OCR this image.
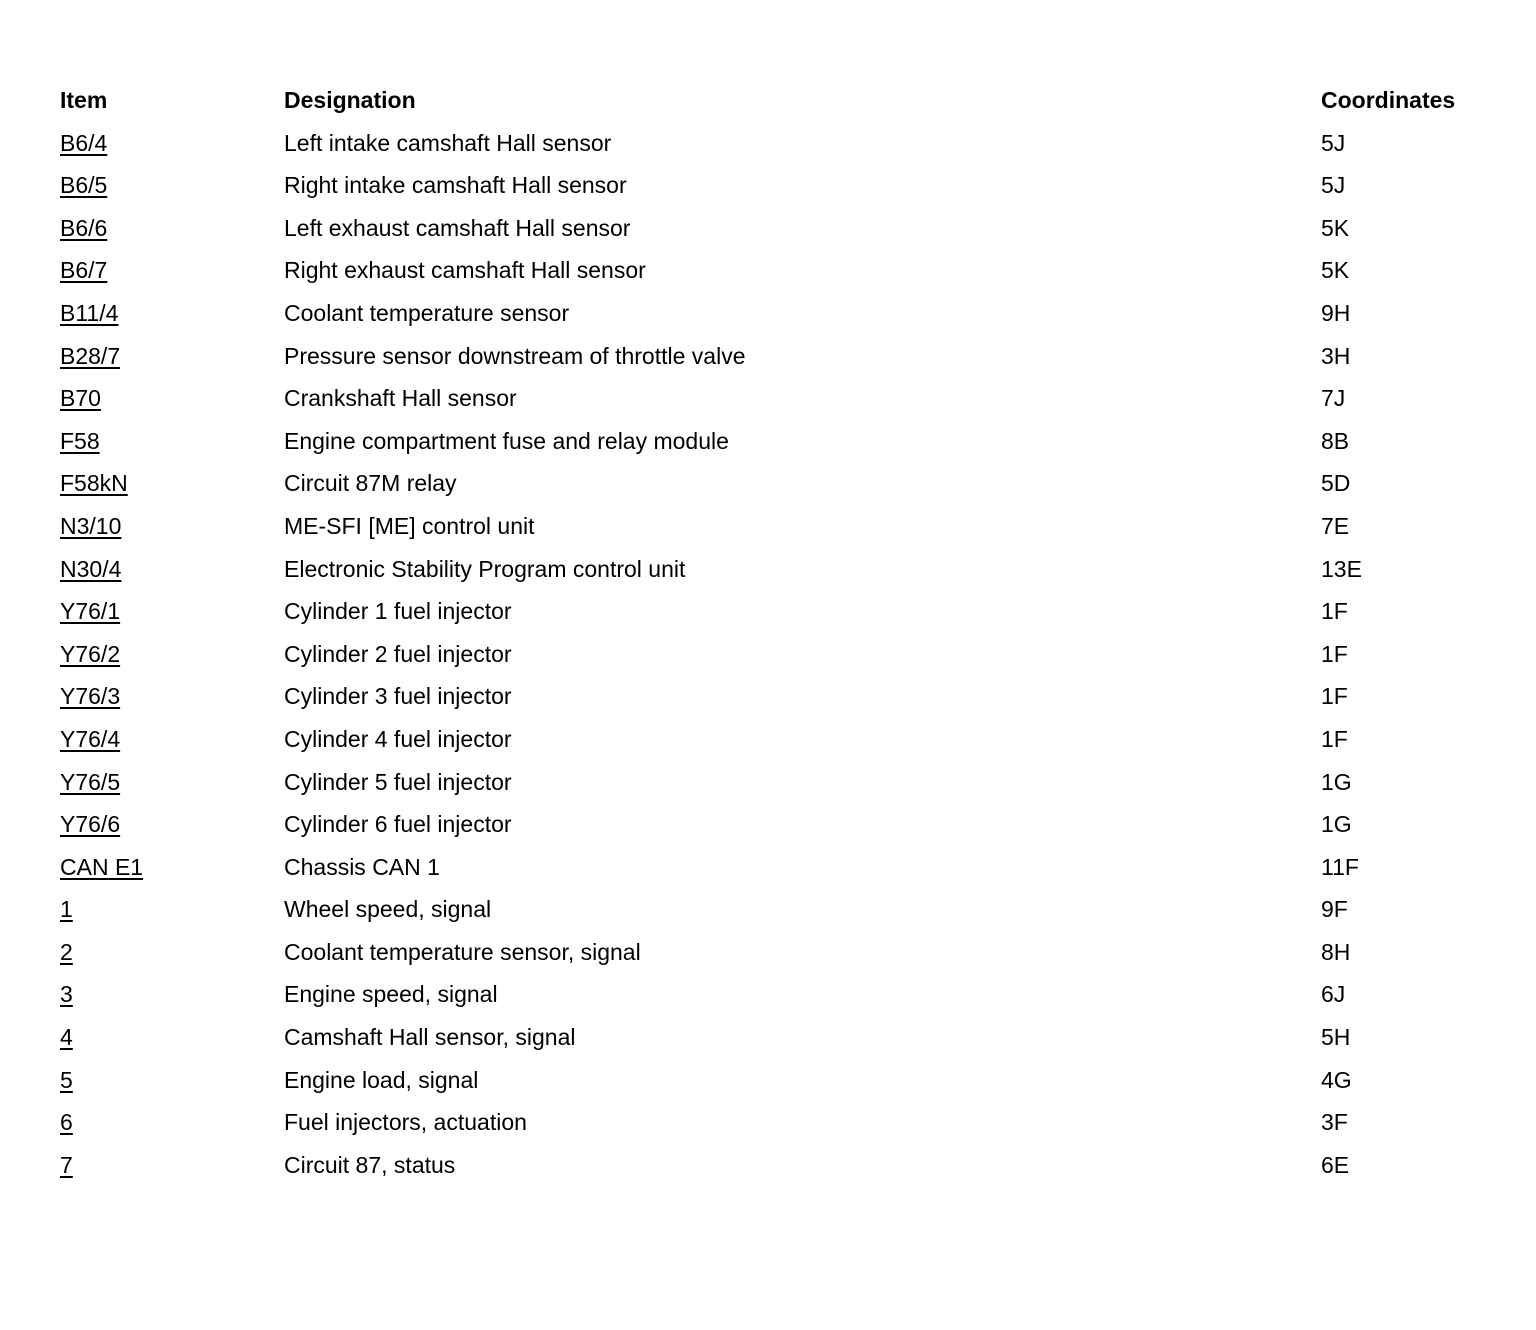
Item	Designation	Coordinates
B6/4	Left intake camshaft Hall sensor	5J
B6/5	Right intake camshaft Hall sensor	5J
B6/6	Left exhaust camshaft Hall sensor	5K
B6/7	Right exhaust camshaft Hall sensor	5K
B11/4	Coolant temperature sensor	9H
B28/7	Pressure sensor downstream of throttle valve	3H
B70	Crankshaft Hall sensor	7J
F58	Engine compartment fuse and relay module	8B
F58kN	Circuit 87M relay	5D
N3/10	ME-SFI [ME] control unit	7E
N30/4	Electronic Stability Program control unit	13E
Y76/1	Cylinder 1 fuel injector	1F
Y76/2	Cylinder 2 fuel injector	1F
Y76/3	Cylinder 3 fuel injector	1F
Y76/4	Cylinder 4 fuel injector	1F
Y76/5	Cylinder 5 fuel injector	1G
Y76/6	Cylinder 6 fuel injector	1G
CAN E1	Chassis CAN 1	11F
1	Wheel speed, signal	9F
2	Coolant temperature sensor, signal	8H
3	Engine speed, signal	6J
4	Camshaft Hall sensor, signal	5H
5	Engine load, signal	4G
6	Fuel injectors, actuation	3F
7	Circuit 87, status	6E
